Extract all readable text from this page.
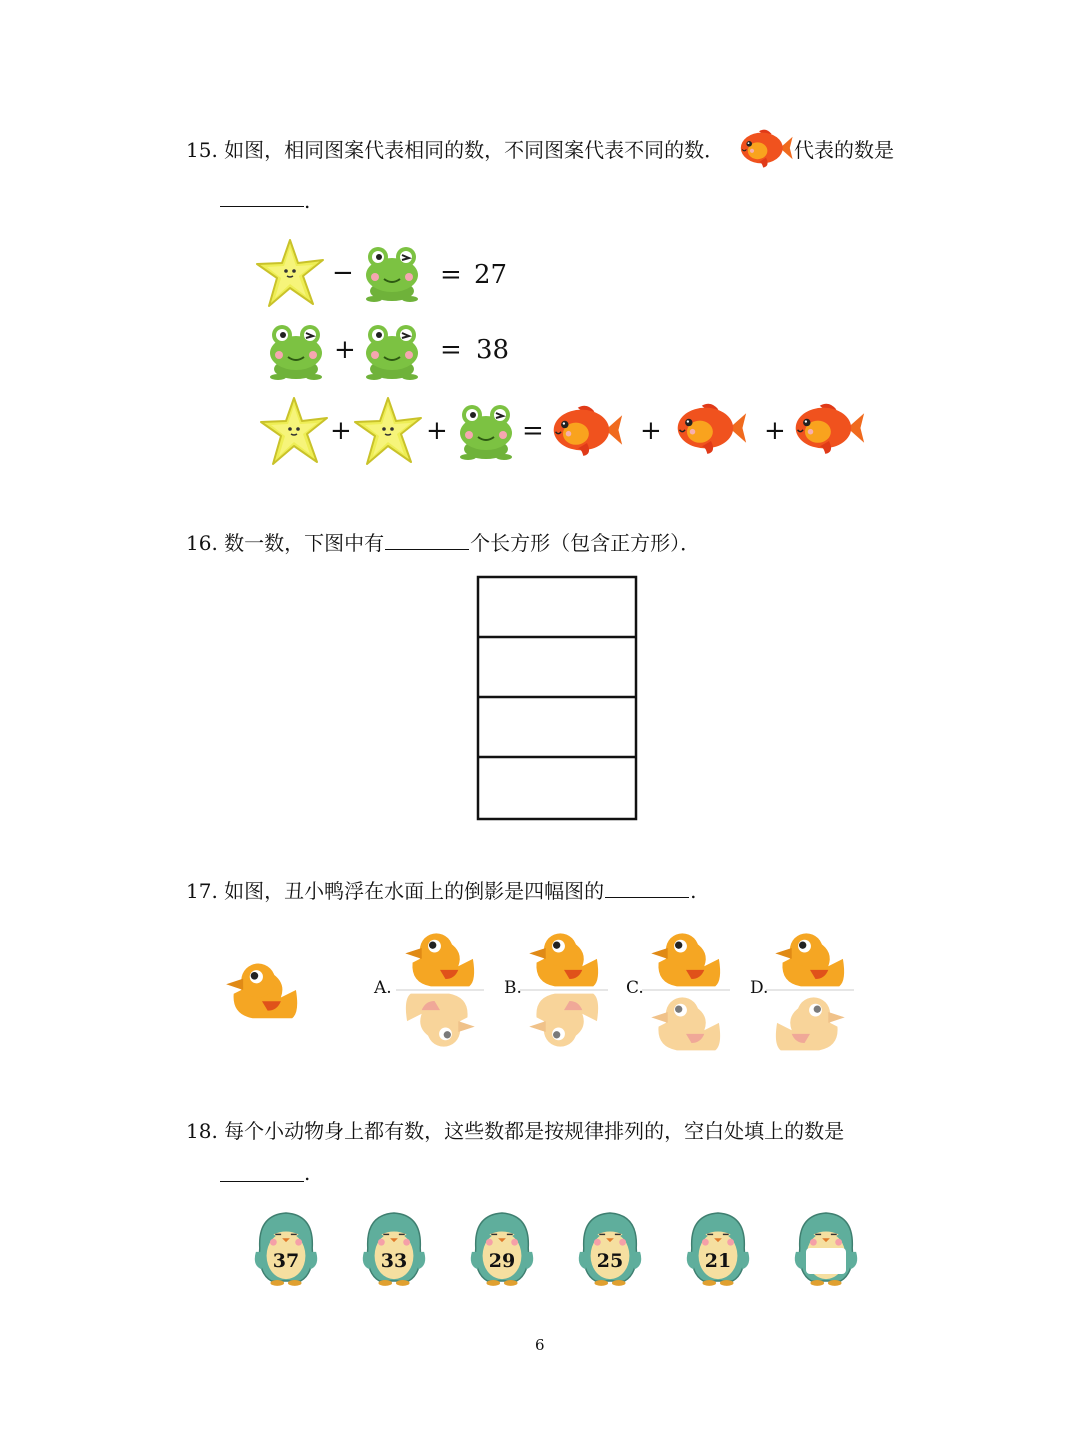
15. 如图，相同图案代表相同的数，不同图案代表不同的数．	代表的数是
.
−	= 27
+	= 38
+	+	=	+	+
16. 数一数，下图中有	个长方形（包含正方形）．
17. 如图，丑小鸭浮在水面上的倒影是四幅图的	.
A.	B.	C.	D.
18. 每个小动物身上都有数，这些数都是按规律排列的，空白处填上的数是
.
37	33	29	25	21
6
